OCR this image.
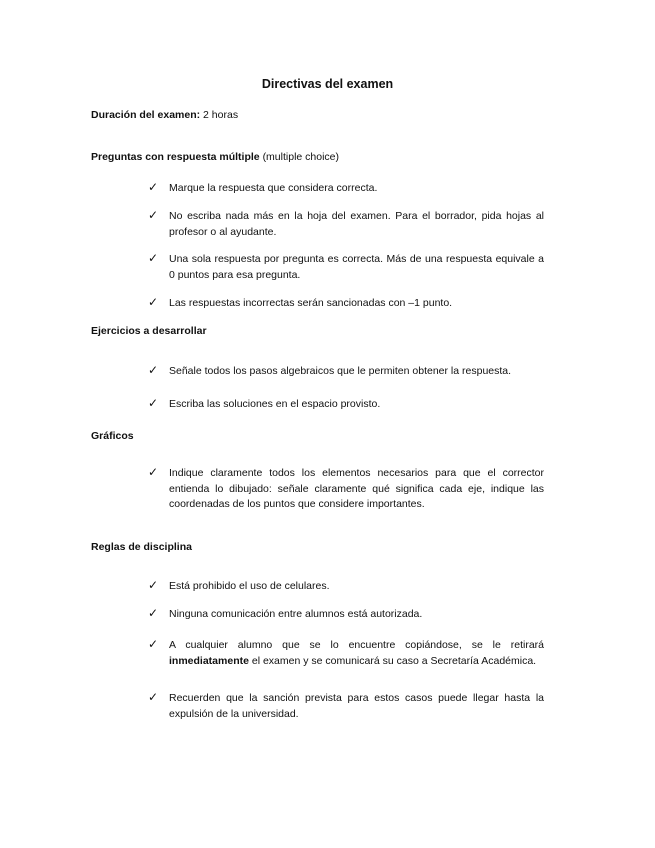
Directivas del examen
Duración del examen: 2 horas
Preguntas con respuesta múltiple (multiple choice)
✓ Marque la respuesta que considera correcta.
✓ No escriba nada más en la hoja del examen. Para el borrador, pida hojas al profesor o al ayudante.
✓ Una sola respuesta por pregunta es correcta. Más de una respuesta equivale a 0 puntos para esa pregunta.
✓ Las respuestas incorrectas serán sancionadas con –1 punto.
Ejercicios a desarrollar
✓ Señale todos los pasos algebraicos que le permiten obtener la respuesta.
✓ Escriba las soluciones en el espacio provisto.
Gráficos
✓ Indique claramente todos los elementos necesarios para que el corrector entienda lo dibujado: señale claramente qué significa cada eje, indique las coordenadas de los puntos que considere importantes.
Reglas de disciplina
✓ Está prohibido el uso de celulares.
✓ Ninguna comunicación entre alumnos está autorizada.
✓ A cualquier alumno que se lo encuentre copiándose, se le retirará inmediatamente el examen y se comunicará su caso a Secretaría Académica.
✓ Recuerden que la sanción prevista para estos casos puede llegar hasta la expulsión de la universidad.
